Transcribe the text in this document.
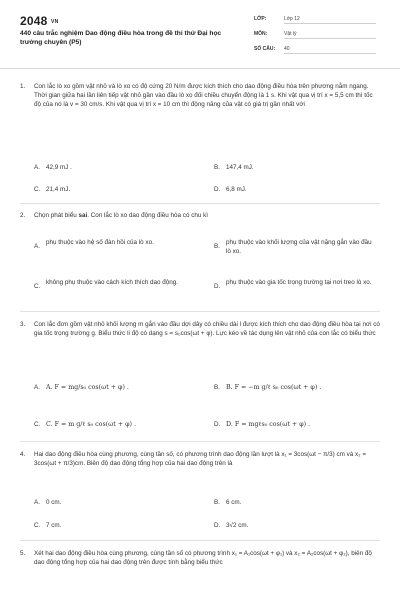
2048 VN
440 câu trắc nghiệm Dao động điều hòa trong đề thi thử Đại học trường chuyên (P5)
LỚP:	Lớp 12
MÔN:	Vật lý
SỐ CÂU: 40
1.	Con lắc lò xo gồm vật nhỏ và lò xo có độ cứng 20 N/m được kích thích cho dao động điều hòa trên phương nằm ngang. Thời gian giữa hai lần liên tiếp vật nhỏ gần vào đầu lò xo đối chiều chuyển động là 1 s. Khi vật qua vị trí x = 5,5 cm thì tốc độ của nó là v = 30 cm/s. Khi vật qua vị trí x = 10 cm thì động năng của vật có giá trị gần nhất với
A. 42,9 mJ .	B. 147,4 mJ.
C. 21,4 mJ.	D. 6,8 mJ.
2.	Chọn phát biểu sai. Con lắc lò xo dao động điều hòa có chu kì
A.
phụ thuộc vào hệ số đàn hồi của lò xo.
B.
phụ thuộc vào khối lượng của vật nặng gắn vào đầu lò xo.
C.
không phụ thuộc vào cách kích thích dao động.
D.
phụ thuộc vào gia tốc trọng trường tại nơi treo lò xo.
3.	Con lắc đơn gồm vật nhỏ khối lượng m gắn vào đầu dợi dây có chiều dài l được kích thích cho dao động điều hòa tại nơi có gia tốc trọng trường g. Biểu thức li độ có dạng s = s₀cos(ωt + φ). Lực kéo về tác dụng lên vật nhỏ của con lắc có biểu thức
A. A. F = mg/s₀ cos(ωt + φ) .	B. B. F = −m g/ℓ s₀ cos(ωt + φ) .
C. C. F = m g/ℓ s₀ cos(ωt + φ) .	D. D. F = mgℓs₀ cos(ωt + φ) .
4.	Hai dao động điều hòa cùng phương, cùng tần số, có phương trình dao động lần lượt là x₁ = 3cos(ωt − π/3) cm và x₂ = 3cos(ωt + π/3)cm. Biên độ dao động tổng hợp của hai dao động trên là
A. 0 cm.	B. 6 cm.
C. 7 cm.	D. 3√2 cm.
5.	Xét hai dao động điều hòa cùng phương, cùng tần số có phương trình x₁ = A₁cos(ωt + φ₁) và x₂ = A₂cos(ωt + φ₂), biên độ dao động tổng hợp của hai dao động trên được tính bằng biểu thức
